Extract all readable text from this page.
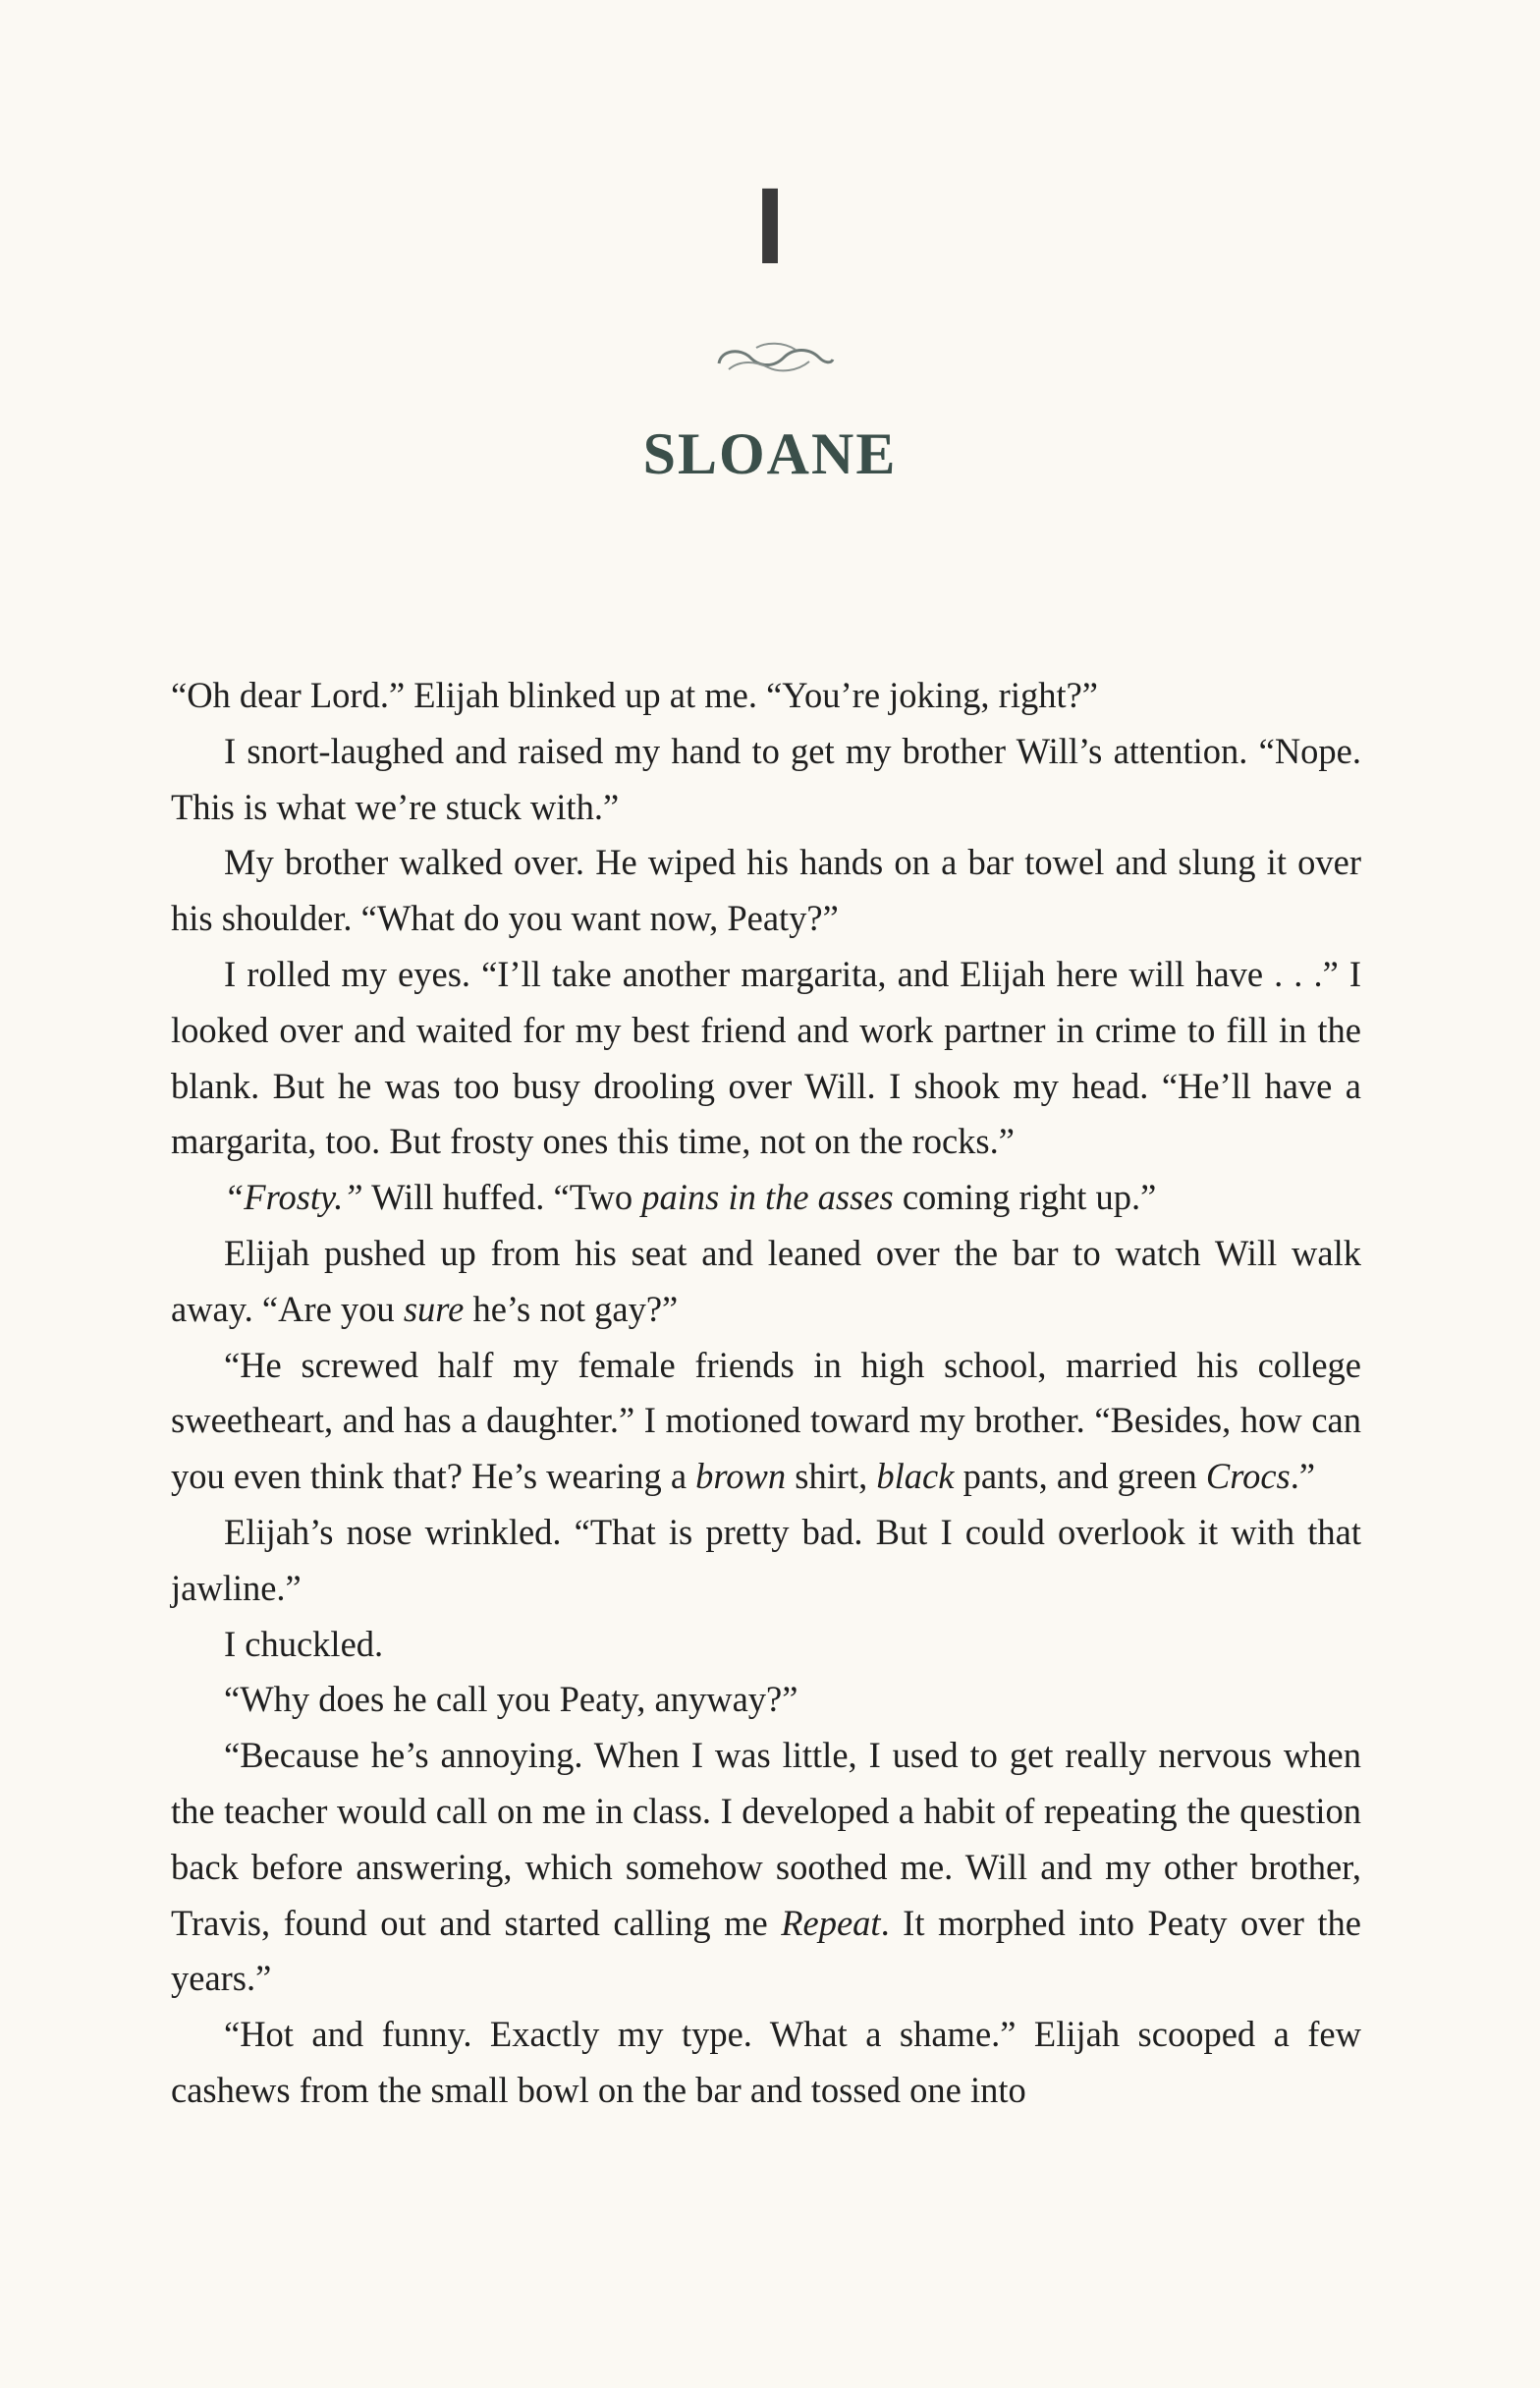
I
SLOANE

“Oh dear Lord.” Elijah blinked up at me. “You’re joking, right?”

I snort-laughed and raised my hand to get my brother Will’s attention. “Nope. This is what we’re stuck with.”

My brother walked over. He wiped his hands on a bar towel and slung it over his shoulder. “What do you want now, Peaty?”

I rolled my eyes. “I’ll take another margarita, and Elijah here will have . . .” I looked over and waited for my best friend and work partner in crime to fill in the blank. But he was too busy drooling over Will. I shook my head. “He’ll have a margarita, too. But frosty ones this time, not on the rocks.”

“Frosty.” Will huffed. “Two pains in the asses coming right up.”

Elijah pushed up from his seat and leaned over the bar to watch Will walk away. “Are you sure he’s not gay?”

“He screwed half my female friends in high school, married his college sweetheart, and has a daughter.” I motioned toward my brother. “Besides, how can you even think that? He’s wearing a brown shirt, black pants, and green Crocs.”

Elijah’s nose wrinkled. “That is pretty bad. But I could overlook it with that jawline.”

I chuckled.

“Why does he call you Peaty, anyway?”

“Because he’s annoying. When I was little, I used to get really nervous when the teacher would call on me in class. I developed a habit of repeating the question back before answering, which somehow soothed me. Will and my other brother, Travis, found out and started calling me Repeat. It morphed into Peaty over the years.”

“Hot and funny. Exactly my type. What a shame.” Elijah scooped a few cashews from the small bowl on the bar and tossed one into
